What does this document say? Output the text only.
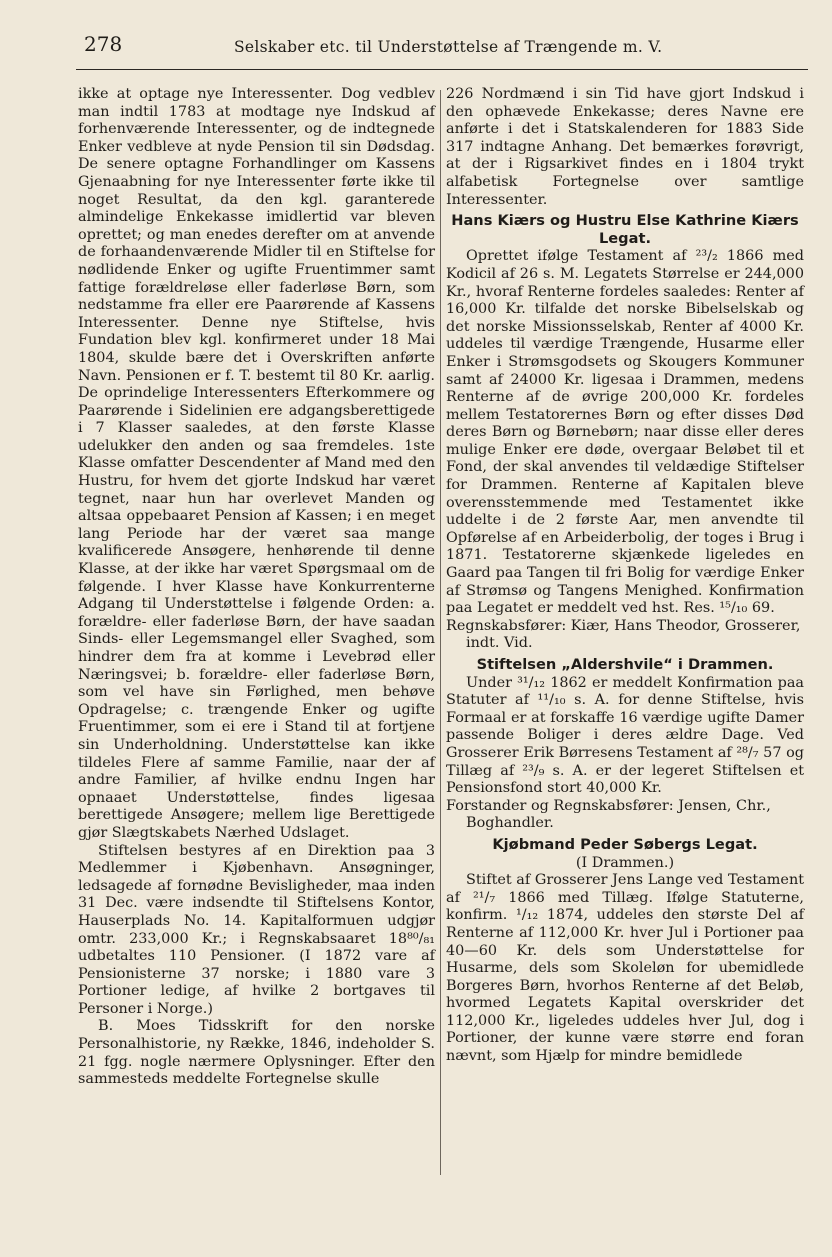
278	Selskaber etc. til Understøttelse af Trængende m. V.

ikke at optage nye Interessenter. Dog vedblev man indtil 1783 at modtage nye Indskud af forhenværende Interessenter, og de indtegnede Enker vedbleve at nyde Pension til sin Dødsdag. De senere optagne Forhandlinger om Kassens Gjenaabning for nye Interessenter førte ikke til noget Resultat, da den kgl. garanterede almindelige Enkekasse imidlertid var bleven oprettet; og man enedes derefter om at anvende de forhaandenværende Midler til en Stiftelse for nødlidende Enker og ugifte Fruentimmer samt fattige forældreløse eller faderløse Børn, som nedstamme fra eller ere Paarørende af Kassens Interessenter. Denne nye Stiftelse, hvis Fundation blev kgl. konfirmeret under 18 Mai 1804, skulde bære det i Overskriften anførte Navn. Pensionen er f. T. bestemt til 80 Kr. aarlig. De oprindelige Interessenters Efterkommere og Paarørende i Sidelinien ere adgangsberettigede i 7 Klasser saaledes, at den første Klasse udelukker den anden og saa fremdeles. 1ste Klasse omfatter Descendenter af Mand med den Hustru, for hvem det gjorte Indskud har været tegnet, naar hun har overlevet Manden og altsaa oppebaaret Pension af Kassen; i en meget lang Periode har der været saa mange kvalificerede Ansøgere, henhørende til denne Klasse, at der ikke har været Spørgsmaal om de følgende. I hver Klasse have Konkurrenterne Adgang til Understøttelse i følgende Orden: a. forældre- eller faderløse Børn, der have saadan Sinds- eller Legemsmangel eller Svaghed, som hindrer dem fra at komme i Levebrød eller Næringsvei; b. forældre- eller faderløse Børn, som vel have sin Førlighed, men behøve Opdragelse; c. trængende Enker og ugifte Fruentimmer, som ei ere i Stand til at fortjene sin Underholdning. Understøttelse kan ikke tildeles Flere af samme Familie, naar der af andre Familier, af hvilke endnu Ingen har opnaaet Understøttelse, findes ligesaa berettigede Ansøgere; mellem lige Berettigede gjør Slægtskabets Nærhed Udslaget.

Stiftelsen bestyres af en Direktion paa 3 Medlemmer i Kjøbenhavn. Ansøgninger, ledsagede af fornødne Bevisligheder, maa inden 31 Dec. være indsendte til Stiftelsens Kontor, Hauserplads No. 14. Kapitalformuen udgjør omtr. 233,000 Kr.; i Regnskabsaaret 18⁸⁰/₈₁ udbetaltes 110 Pensioner. (I 1872 vare af Pensionisterne 37 norske; i 1880 vare 3 Portioner ledige, af hvilke 2 bortgaves til Personer i Norge.)

B. Moes Tidsskrift for den norske Personalhistorie, ny Række, 1846, indeholder S. 21 fgg. nogle nærmere Oplysninger. Efter den sammesteds meddelte Fortegnelse skulle

226 Nordmænd i sin Tid have gjort Indskud i den ophævede Enkekasse; deres Navne ere anførte i det i Statskalenderen for 1883 Side 317 indtagne Anhang. Det bemærkes forøvrigt, at der i Rigsarkivet findes en i 1804 trykt alfabetisk Fortegnelse over samtlige Interessenter.

Hans Kiærs og Hustru Else Kathrine Kiærs Legat.

Oprettet ifølge Testament af ²³/₂ 1866 med Kodicil af 26 s. M. Legatets Størrelse er 244,000 Kr., hvoraf Renterne fordeles saaledes: Renter af 16,000 Kr. tilfalde det norske Bibelselskab og det norske Missionsselskab, Renter af 4000 Kr. uddeles til værdige Trængende, Husarme eller Enker i Strømsgodsets og Skougers Kommuner samt af 24000 Kr. ligesaa i Drammen, medens Renterne af de øvrige 200,000 Kr. fordeles mellem Testatorernes Børn og efter disses Død deres Børn og Børnebørn; naar disse eller deres mulige Enker ere døde, overgaar Beløbet til et Fond, der skal anvendes til veldædige Stiftelser for Drammen. Renterne af Kapitalen bleve overensstemmende med Testamentet ikke uddelte i de 2 første Aar, men anvendte til Opførelse af en Arbeiderbolig, der toges i Brug i 1871. Testatorerne skjænkede ligeledes en Gaard paa Tangen til fri Bolig for værdige Enker af Strømsø og Tangens Menighed. Konfirmation paa Legatet er meddelt ved hst. Res. ¹⁵/₁₀ 69.

Regnskabsfører: Kiær, Hans Theodor, Grosserer, indt. Vid.

Stiftelsen „Aldershvile“ i Drammen.

Under ³¹/₁₂ 1862 er meddelt Konfirmation paa Statuter af ¹¹/₁₀ s. A. for denne Stiftelse, hvis Formaal er at forskaffe 16 værdige ugifte Damer passende Boliger i deres ældre Dage. Ved Grosserer Erik Børresens Testament af ²⁸/₇ 57 og Tillæg af ²³/₉ s. A. er der legeret Stiftelsen et Pensionsfond stort 40,000 Kr.

Forstander og Regnskabsfører: Jensen, Chr., Boghandler.

Kjøbmand Peder Søbergs Legat.

(I Drammen.)

Stiftet af Grosserer Jens Lange ved Testament af ²¹/₇ 1866 med Tillæg. Ifølge Statuterne, konfirm. ¹/₁₂ 1874, uddeles den største Del af Renterne af 112,000 Kr. hver Jul i Portioner paa 40—60 Kr. dels som Understøttelse for Husarme, dels som Skoleløn for ubemidlede Borgeres Børn, hvorhos Renterne af det Beløb, hvormed Legatets Kapital overskrider det 112,000 Kr., ligeledes uddeles hver Jul, dog i Portioner, der kunne være større end foran nævnt, som Hjælp for mindre bemidlede
